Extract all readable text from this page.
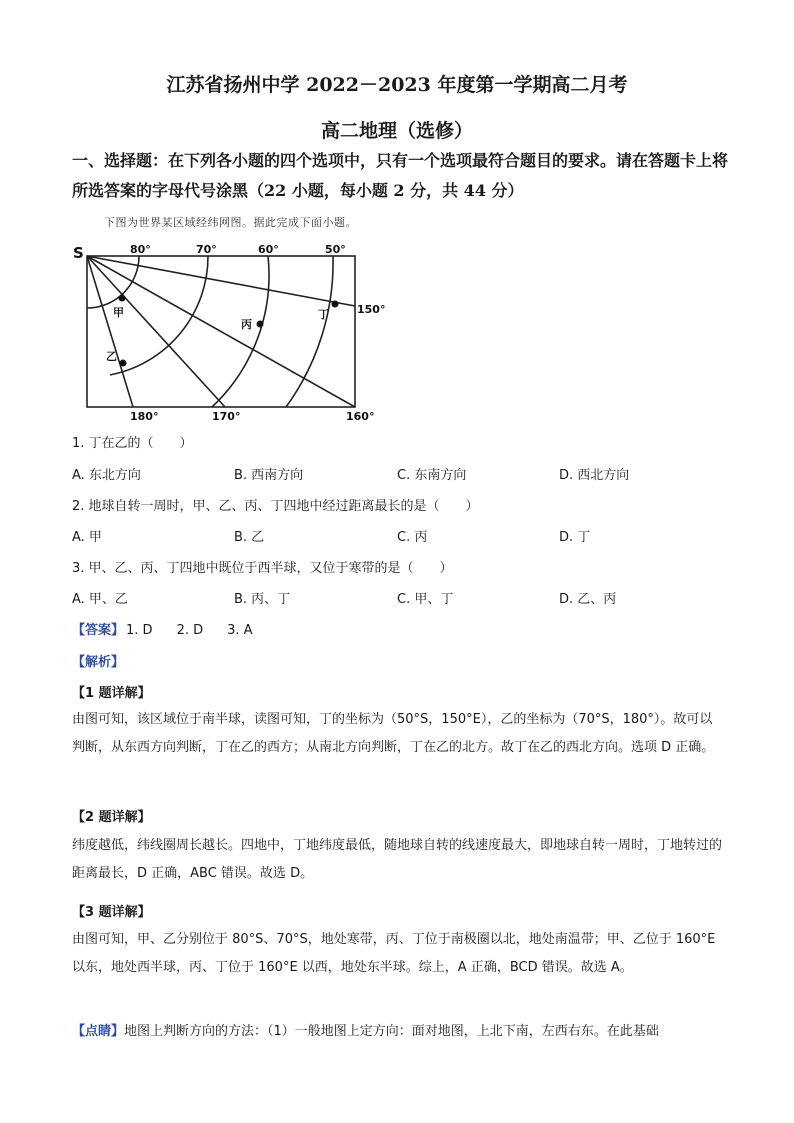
江苏省扬州中学 2022－2023 年度第一学期高二月考
高二地理（选修）
一、选择题：在下列各小题的四个选项中，只有一个选项最符合题目的要求。请在答题卡上将所选答案的字母代号涂黑（22 小题，每小题 2 分，共 44 分）
下图为世界某区域经纬网图。据此完成下面小题。
S	80°	70°	60°	50°
180°	170°	160°
150°
甲
乙
丙
丁
1. 丁在乙的（　　）
A. 东北方向	B. 西南方向	C. 东南方向	D. 西北方向
2. 地球自转一周时，甲、乙、丙、丁四地中经过距离最长的是（　　）
A. 甲	B. 乙	C. 丙	D. 丁
3. 甲、乙、丙、丁四地中既位于西半球，又位于寒带的是（　　）
A. 甲、乙	B. 丙、丁	C. 甲、丁	D. 乙、丙
【答案】 1. D 2. D 3. A
【解析】
【1 题详解】
由图可知，该区域位于南半球，读图可知，丁的坐标为（50°S，150°E），乙的坐标为（70°S，180°）。故可以判断，从东西方向判断，丁在乙的西方；从南北方向判断，丁在乙的北方。故丁在乙的西北方向。选项 D 正确。
【2 题详解】
纬度越低，纬线圈周长越长。四地中，丁地纬度最低，随地球自转的线速度最大，即地球自转一周时，丁地转过的距离最长，D 正确，ABC 错误。故选 D。
【3 题详解】
由图可知，甲、乙分别位于 80°S、70°S，地处寒带，丙、丁位于南极圈以北，地处南温带；甲、乙位于 160°E 以东，地处西半球，丙、丁位于 160°E 以西，地处东半球。综上，A 正确，BCD 错误。故选 A。
【点睛】地图上判断方向的方法：（1）一般地图上定方向：面对地图，上北下南，左西右东。在此基础
